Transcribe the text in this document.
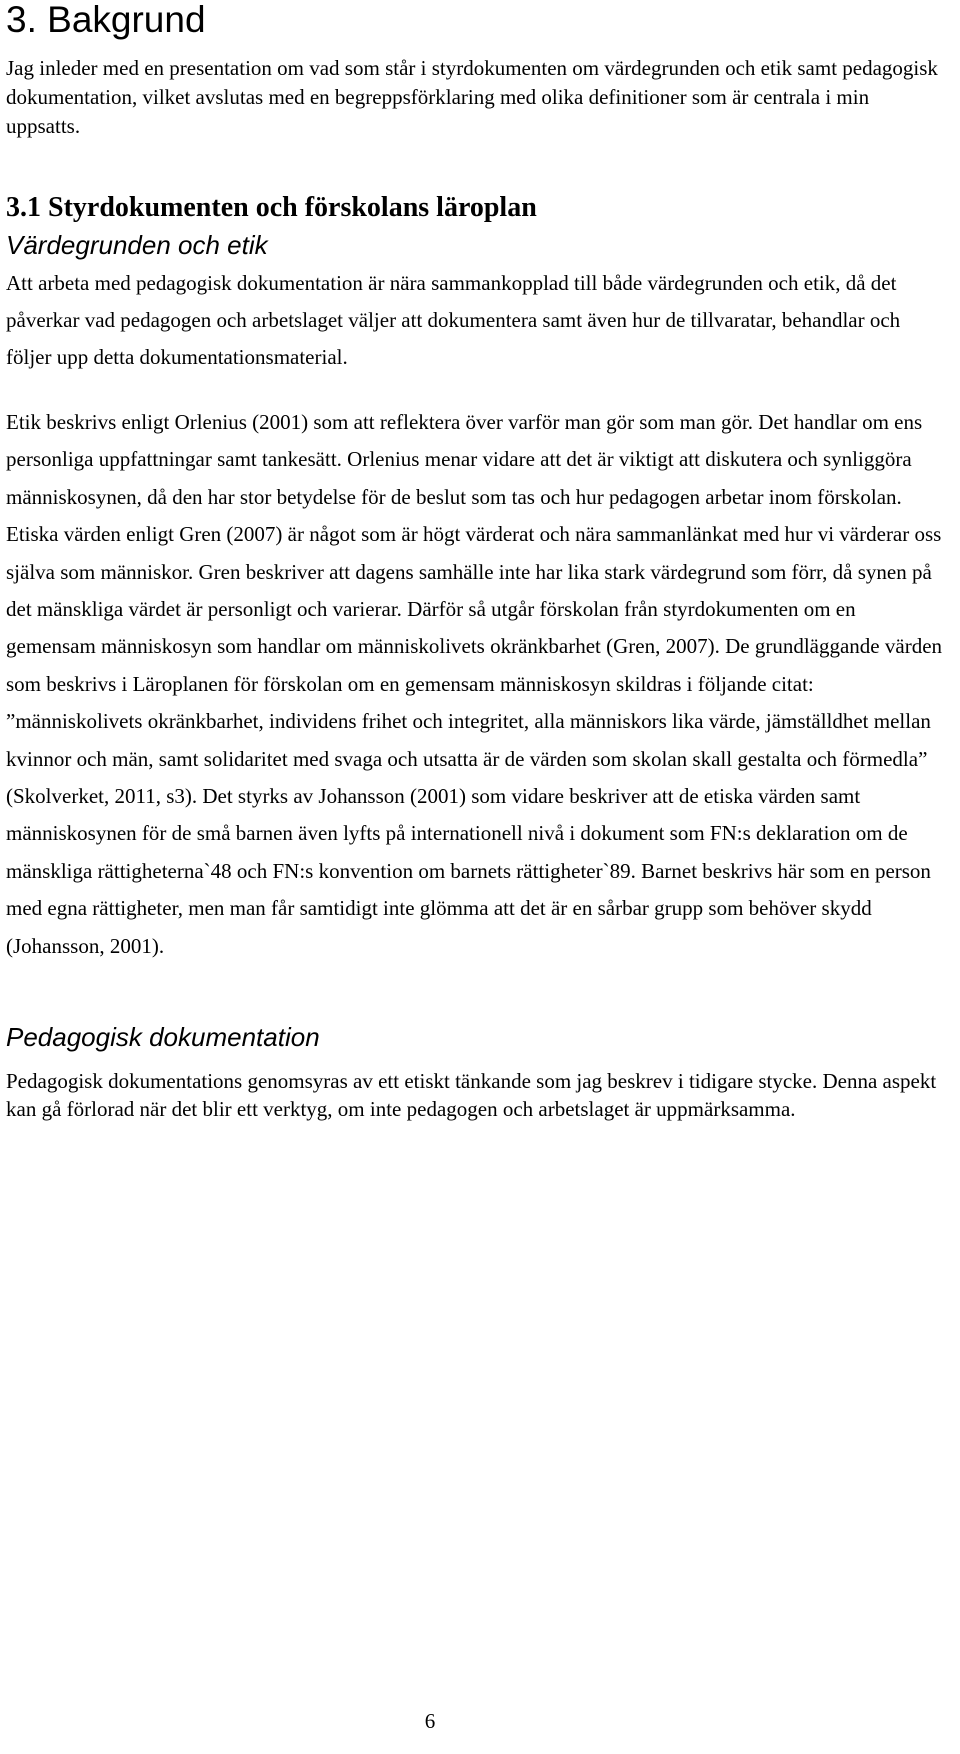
3. Bakgrund

Jag inleder med en presentation om vad som står i styrdokumenten om värdegrunden och etik samt pedagogisk dokumentation, vilket avslutas med en begreppsförklaring med olika definitioner som är centrala i min uppsatts.

3.1 Styrdokumenten och förskolans läroplan
Värdegrunden och etik

Att arbeta med pedagogisk dokumentation är nära sammankopplad till både värdegrunden och etik, då det påverkar vad pedagogen och arbetslaget väljer att dokumentera samt även hur de tillvaratar, behandlar och följer upp detta dokumentationsmaterial.

Etik beskrivs enligt Orlenius (2001) som att reflektera över varför man gör som man gör. Det handlar om ens personliga uppfattningar samt tankesätt. Orlenius menar vidare att det är viktigt att diskutera och synliggöra människosynen, då den har stor betydelse för de beslut som tas och hur pedagogen arbetar inom förskolan. Etiska värden enligt Gren (2007) är något som är högt värderat och nära sammanlänkat med hur vi värderar oss själva som människor. Gren beskriver att dagens samhälle inte har lika stark värdegrund som förr, då synen på det mänskliga värdet är personligt och varierar. Därför så utgår förskolan från styrdokumenten om en gemensam människosyn som handlar om människolivets okränkbarhet (Gren, 2007). De grundläggande värden som beskrivs i Läroplanen för förskolan om en gemensam människosyn skildras i följande citat: ”människolivets okränkbarhet, individens frihet och integritet, alla människors lika värde, jämställdhet mellan kvinnor och män, samt solidaritet med svaga och utsatta är de värden som skolan skall gestalta och förmedla” (Skolverket, 2011, s3). Det styrks av Johansson (2001) som vidare beskriver att de etiska värden samt människosynen för de små barnen även lyfts på internationell nivå i dokument som FN:s deklaration om de mänskliga rättigheterna`48 och FN:s konvention om barnets rättigheter`89. Barnet beskrivs här som en person med egna rättigheter, men man får samtidigt inte glömma att det är en sårbar grupp som behöver skydd (Johansson, 2001).

Pedagogisk dokumentation

Pedagogisk dokumentations genomsyras av ett etiskt tänkande som jag beskrev i tidigare stycke. Denna aspekt kan gå förlorad när det blir ett verktyg, om inte pedagogen och arbetslaget är uppmärksamma.

6
